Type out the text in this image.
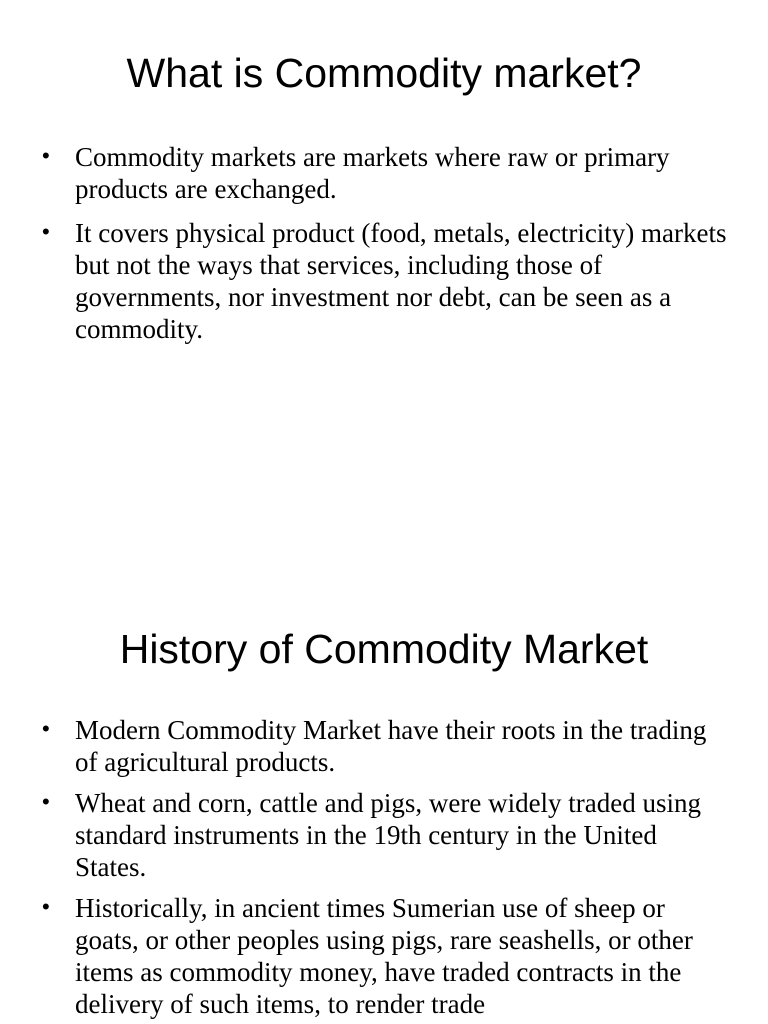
What is Commodity market?
• Commodity markets are markets where raw or primary products are exchanged.
• It covers physical product (food, metals, electricity) markets but not the ways that services, including those of governments, nor investment nor debt, can be seen as a commodity.
History of Commodity Market
• Modern Commodity Market have their roots in the trading of agricultural products.
• Wheat and corn, cattle and pigs, were widely traded using standard instruments in the 19th century in the United States.
• Historically, in ancient times Sumerian use of sheep or goats, or other peoples using pigs, rare seashells, or other items as commodity money, have traded contracts in the delivery of such items, to render trade
